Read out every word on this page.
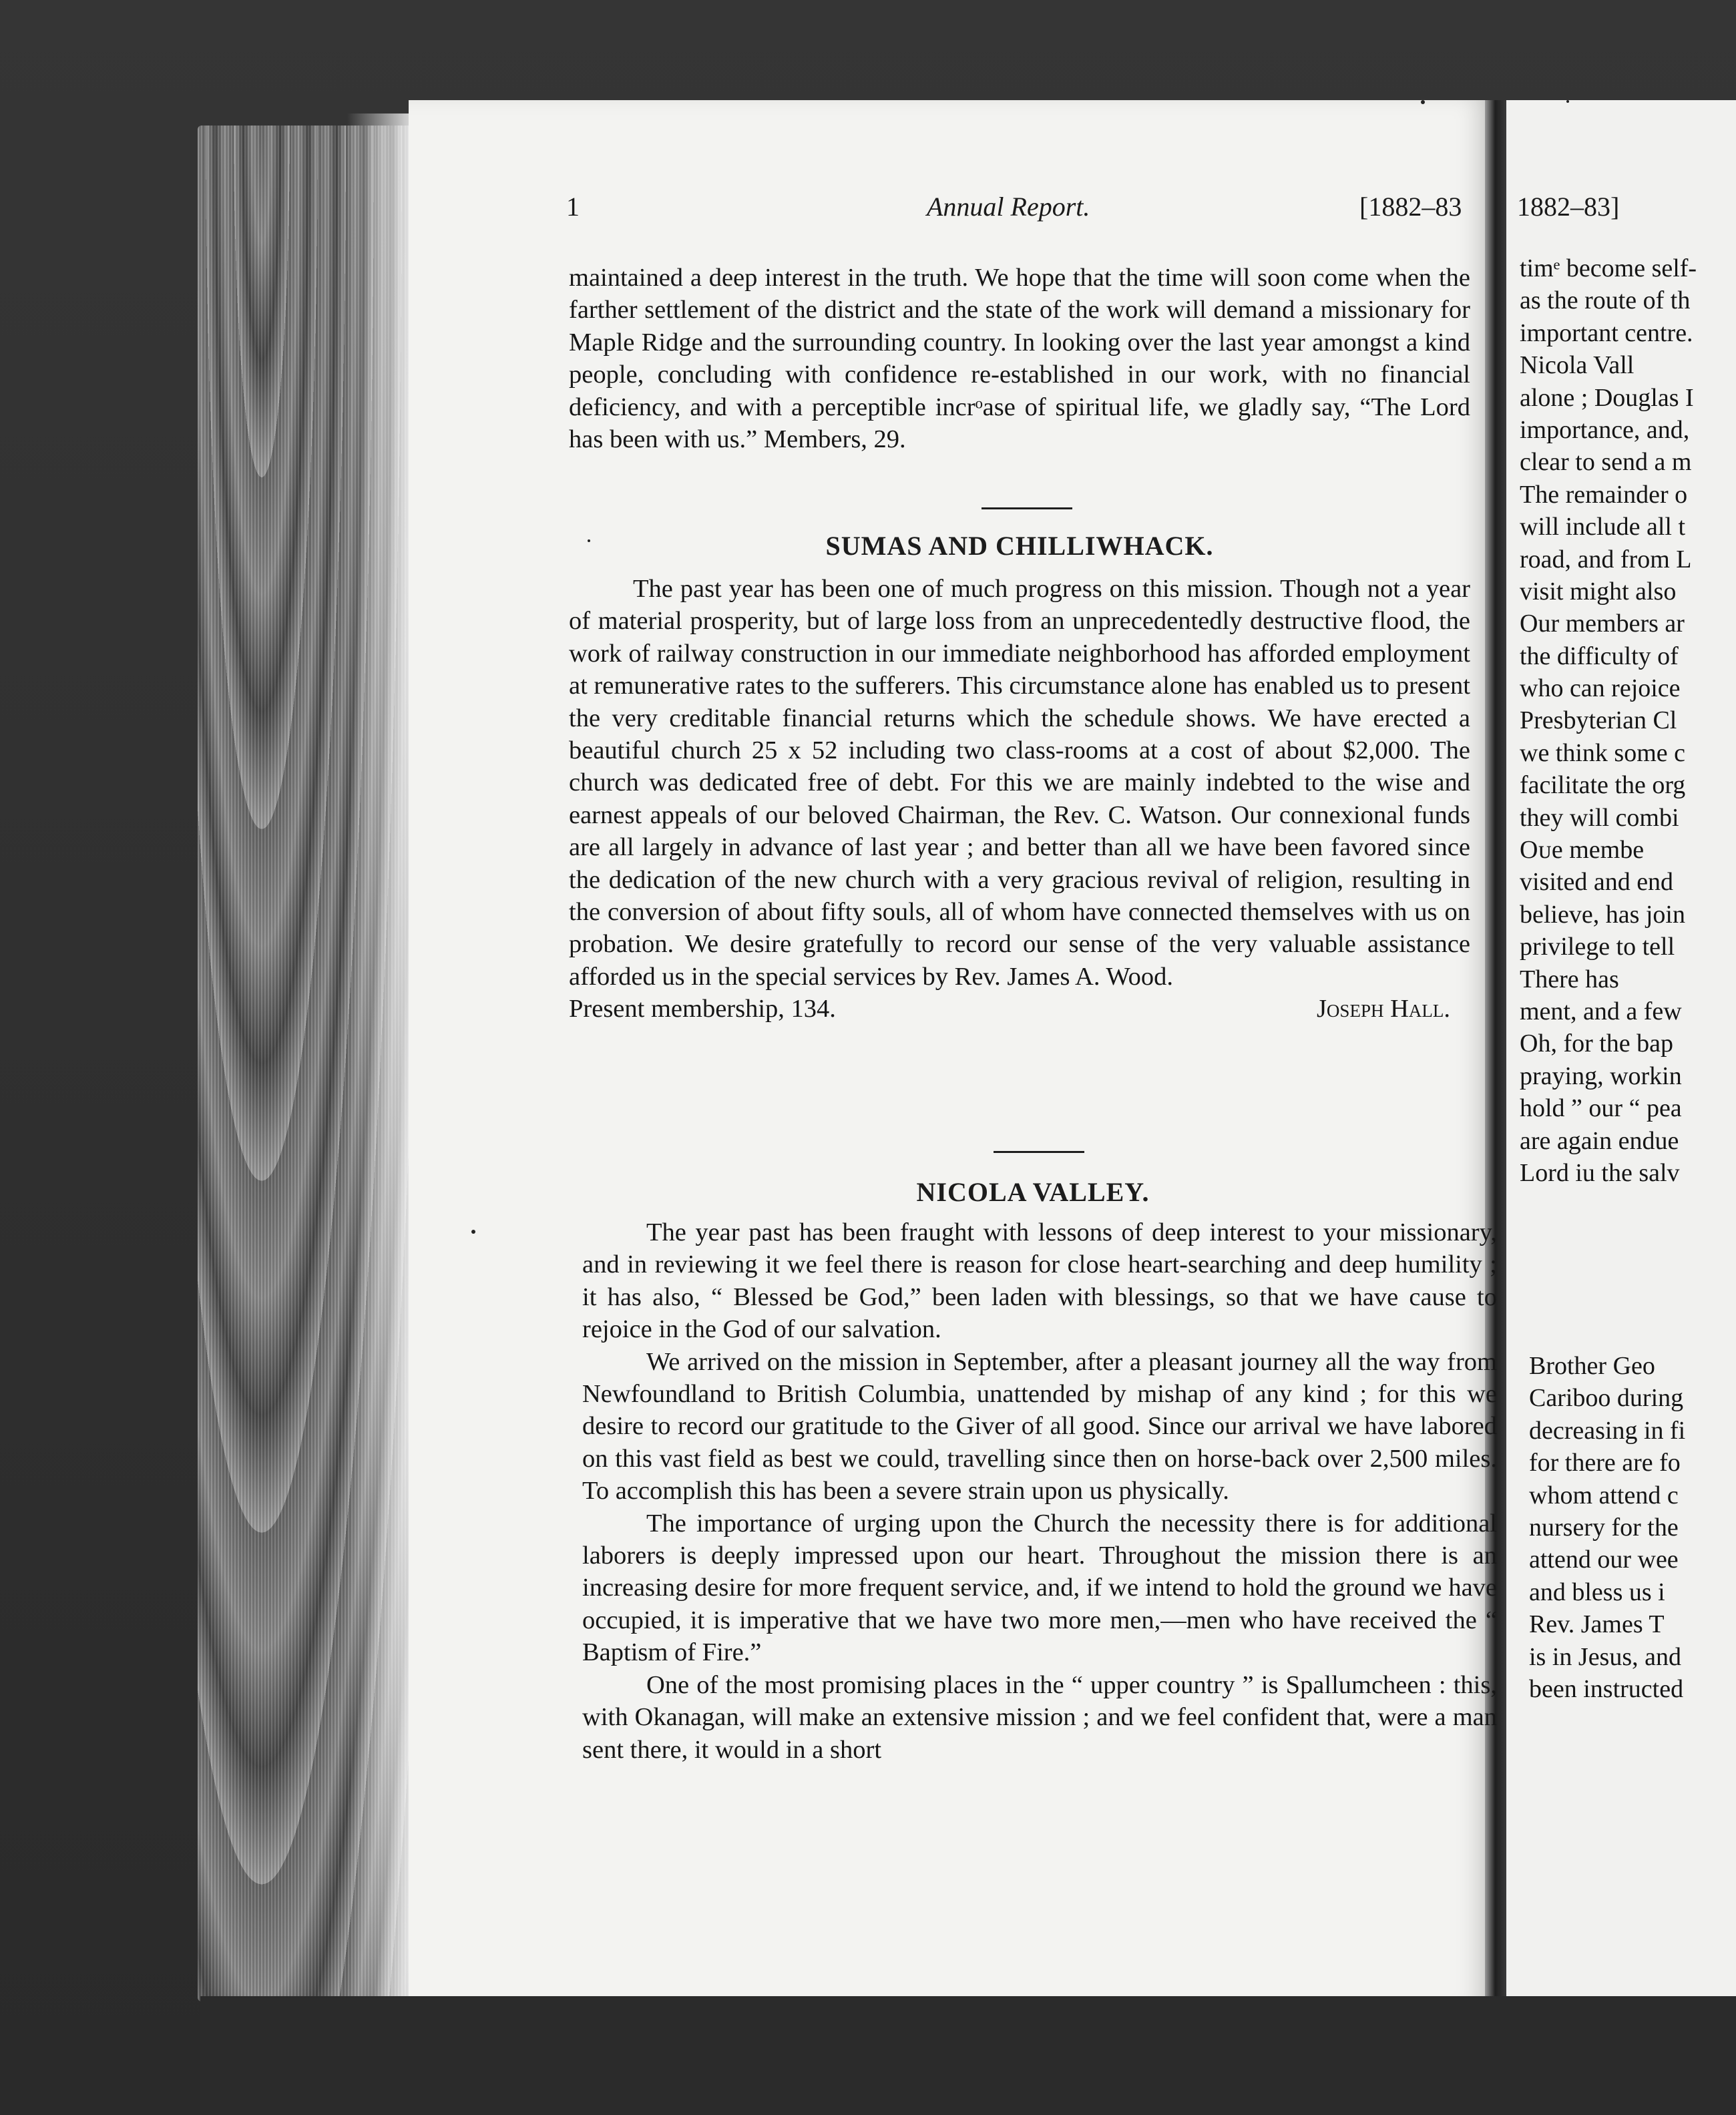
1	Annual Report.	[1882–83

maintained a deep interest in the truth. We hope that the time will soon come when the farther settlement of the district and the state of the work will demand a missionary for Maple Ridge and the surrounding country. In looking over the last year amongst a kind people, concluding with confidence re-established in our work, with no financial deficiency, and with a perceptible incrᵒase of spiritual life, we gladly say, “The Lord has been with us.” Members, 29.

SUMAS AND CHILLIWHACK.

The past year has been one of much progress on this mission. Though not a year of material prosperity, but of large loss from an unprecedentedly destructive flood, the work of railway construction in our immediate neighborhood has afforded employment at remunerative rates to the sufferers. This circumstance alone has enabled us to present the very creditable financial returns which the schedule shows. We have erected a beautiful church 25 x 52 including two class-rooms at a cost of about $2,000. The church was dedicated free of debt. For this we are mainly indebted to the wise and earnest appeals of our beloved Chairman, the Rev. C. Watson. Our connexional funds are all largely in advance of last year ; and better than all we have been favored since the dedication of the new church with a very gracious revival of religion, resulting in the conversion of about fifty souls, all of whom have connected themselves with us on probation. We desire gratefully to record our sense of the very valuable assistance afforded us in the special services by Rev. James A. Wood.

Present membership, 134.	Joseph Hall.
NICOLA VALLEY.

The year past has been fraught with lessons of deep interest to your missionary, and in reviewing it we feel there is reason for close heart-searching and deep humility ; it has also, “ Blessed be God,” been laden with blessings, so that we have cause to rejoice in the God of our salvation.

We arrived on the mission in September, after a pleasant journey all the way from Newfoundland to British Columbia, unattended by mishap of any kind ; for this we desire to record our gratitude to the Giver of all good. Since our arrival we have labored on this vast field as best we could, travelling since then on horse-back over 2,500 miles. To accomplish this has been a severe strain upon us physically.

The importance of urging upon the Church the necessity there is for additional laborers is deeply impressed upon our heart. Throughout the mission there is an increasing desire for more frequent service, and, if we intend to hold the ground we have occupied, it is imperative that we have two more men,—men who have received the “ Baptism of Fire.”

One of the most promising places in the “ upper country ” is Spallumcheen : this, with Okanagan, will make an extensive mission ; and we feel confident that, were a man sent there, it would in a short

1882–83]
timᵉ become self-
as the route of th
important centre.
Nicola Vall
alone ; Douglas I
importance, and,
clear to send a m
The remainder o
will include all t
road, and from L
visit might also
Our members ar
the difficulty of
who can rejoice
Presbyterian Cl
we think some c
facilitate the org
they will combi
Oᴜe membe
visited and end
believe, has join
privilege to tell
There has
ment, and a few
Oh, for the bap
praying, workin
hold ” our “ pea
are again endue
Lord iu the salv
Brother Geo
Cariboo during
decreasing in fi
for there are fo
whom attend c
nursery for the
attend our wee
and bless us i
Rev. James T
is in Jesus, and
been instructed
